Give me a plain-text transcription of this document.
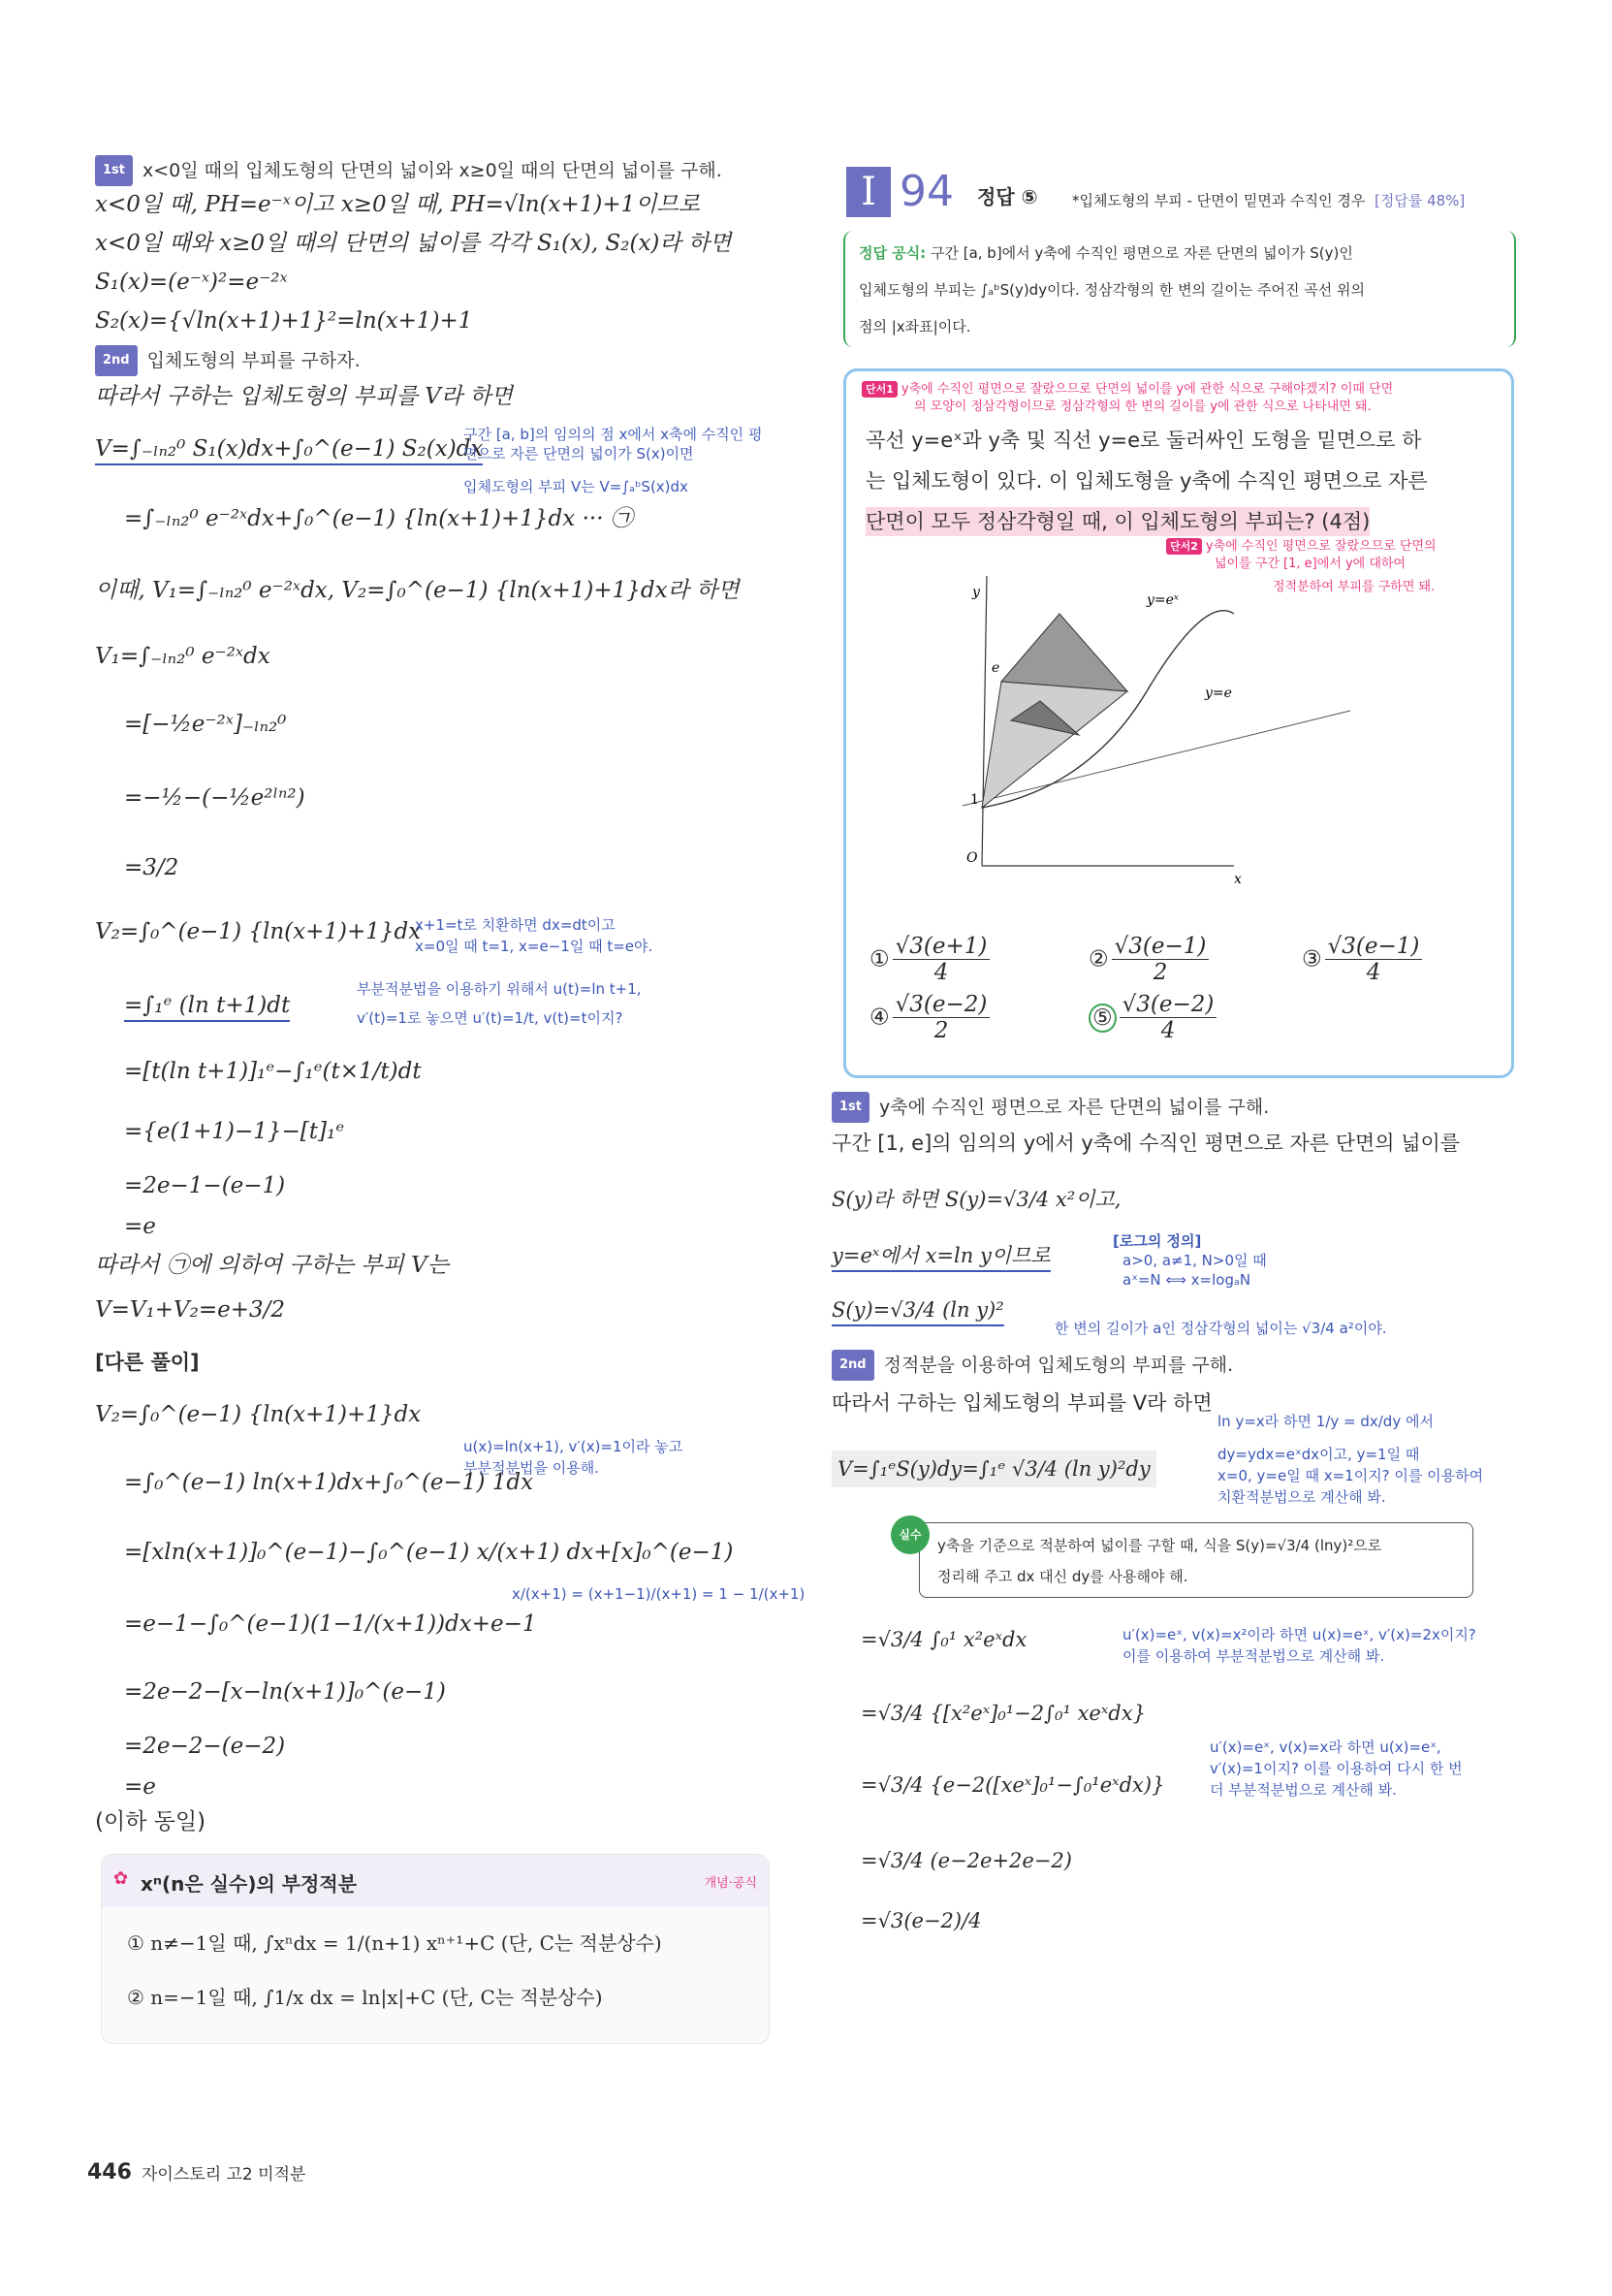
1st x<0일 때의 입체도형의 단면의 넓이와 x≥0일 때의 단면의 넓이를 구해.
x<0일 때, PH=e⁻ˣ이고 x≥0일 때, PH=√ln(x+1)+1이므로
x<0일 때와 x≥0일 때의 단면의 넓이를 각각 S₁(x), S₂(x)라 하면
S₁(x)=(e⁻ˣ)²=e⁻²ˣ
S₂(x)={√ln(x+1)+1}²=ln(x+1)+1
2nd 입체도형의 부피를 구하자.
따라서 구하는 입체도형의 부피를 V라 하면
V=∫₋ₗₙ₂⁰ S₁(x)dx+∫₀^(e−1) S₂(x)dx
구간 [a, b]의 임의의 점 x에서 x축에 수직인 평
면으로 자른 단면의 넓이가 S(x)이면
입체도형의 부피 V는 V=∫ₐᵇS(x)dx
=∫₋ₗₙ₂⁰ e⁻²ˣdx+∫₀^(e−1) {ln(x+1)+1}dx ··· ㉠
이때, V₁=∫₋ₗₙ₂⁰ e⁻²ˣdx, V₂=∫₀^(e−1) {ln(x+1)+1}dx라 하면
V₁=∫₋ₗₙ₂⁰ e⁻²ˣdx
=[−½e⁻²ˣ]₋ₗₙ₂⁰
=−½−(−½e²ˡⁿ²)
=3/2
V₂=∫₀^(e−1) {ln(x+1)+1}dx
x+1=t로 치환하면 dx=dt이고
x=0일 때 t=1, x=e−1일 때 t=e야.
=∫₁ᵉ (ln t+1)dt
부분적분법을 이용하기 위해서 u(t)=ln t+1,
v′(t)=1로 놓으면 u′(t)=1/t, v(t)=t이지?
=[t(ln t+1)]₁ᵉ−∫₁ᵉ(t×1/t)dt
={e(1+1)−1}−[t]₁ᵉ
=2e−1−(e−1)
=e
따라서 ㉠에 의하여 구하는 부피 V는
V=V₁+V₂=e+3/2
[다른 풀이]
V₂=∫₀^(e−1) {ln(x+1)+1}dx
u(x)=ln(x+1), v′(x)=1이라 놓고
부분적분법을 이용해.
=∫₀^(e−1) ln(x+1)dx+∫₀^(e−1) 1dx
=[xln(x+1)]₀^(e−1)−∫₀^(e−1) x/(x+1) dx+[x]₀^(e−1)
x/(x+1) = (x+1−1)/(x+1) = 1 − 1/(x+1)
=e−1−∫₀^(e−1)(1−1/(x+1))dx+e−1
=2e−2−[x−ln(x+1)]₀^(e−1)
=2e−2−(e−2)
=e
(이하 동일)
✿ xⁿ(n은 실수)의 부정적분	개념·공식
① n≠−1일 때, ∫xⁿdx = 1/(n+1) xⁿ⁺¹+C (단, C는 적분상수)
② n=−1일 때, ∫1/x dx = ln|x|+C (단, C는 적분상수)
446 자이스토리 고2 미적분
I 94 정답 ⑤ *입체도형의 부피 - 단면이 밑면과 수직인 경우 [정답률 48%]
정답 공식: 구간 [a, b]에서 y축에 수직인 평면으로 자른 단면의 넓이가 S(y)인
입체도형의 부피는 ∫ₐᵇS(y)dy이다. 정삼각형의 한 변의 길이는 주어진 곡선 위의
점의 |x좌표|이다.
단서1 y축에 수직인 평면으로 잘랐으므로 단면의 넓이를 y에 관한 식으로 구해야겠지? 이때 단면
의 모양이 정삼각형이므로 정삼각형의 한 변의 길이를 y에 관한 식으로 나타내면 돼.
곡선 y=eˣ과 y축 및 직선 y=e로 둘러싸인 도형을 밑면으로 하
는 입체도형이 있다. 이 입체도형을 y축에 수직인 평면으로 자른
단면이 모두 정삼각형일 때, 이 입체도형의 부피는? (4점)
단서2 y축에 수직인 평면으로 잘랐으므로 단면의
넓이를 구간 [1, e]에서 y에 대하여
정적분하여 부피를 구하면 돼.
y
x
O
e
1
y=eˣ
y=e
① $\frac{√3(e+1)}{4}$	② $\frac{√3(e-1)}{2}$	③ $\frac{√3(e-1)}{4}$
④ $\frac{√3(e-2)}{2}$	⑤ $\frac{√3(e-2)}{4}$
1st y축에 수직인 평면으로 자른 단면의 넓이를 구해.
구간 [1, e]의 임의의 y에서 y축에 수직인 평면으로 자른 단면의 넓이를
S(y)라 하면 S(y)=√3/4 x²이고,
y=eˣ에서 x=ln y이므로
[로그의 정의]
a>0, a≠1, N>0일 때
aˣ=N ⟺ x=logₐN
S(y)=√3/4 (ln y)²
한 변의 길이가 a인 정삼각형의 넓이는 √3/4 a²이야.
2nd 정적분을 이용하여 입체도형의 부피를 구해.
따라서 구하는 입체도형의 부피를 V라 하면
V=∫₁ᵉS(y)dy=∫₁ᵉ √3/4 (ln y)²dy
ln y=x라 하면 1/y = dx/dy 에서
dy=ydx=eˣdx이고, y=1일 때
x=0, y=e일 때 x=1이지? 이를 이용하여
치환적분법으로 계산해 봐.
실수
y축을 기준으로 적분하여 넓이를 구할 때, 식을 S(y)=√3/4 (lny)²으로
정리해 주고 dx 대신 dy를 사용해야 해.
=√3/4 ∫₀¹ x²eˣdx	u′(x)=eˣ, v(x)=x²이라 하면 u(x)=eˣ, v′(x)=2x이지?
이를 이용하여 부분적분법으로 계산해 봐.
=√3/4 {[x²eˣ]₀¹−2∫₀¹ xeˣdx}
u′(x)=eˣ, v(x)=x라 하면 u(x)=eˣ,
v′(x)=1이지? 이를 이용하여 다시 한 번
더 부분적분법으로 계산해 봐.
=√3/4 {e−2([xeˣ]₀¹−∫₀¹eˣdx)}
=√3/4 (e−2e+2e−2)
=√3(e−2)/4
